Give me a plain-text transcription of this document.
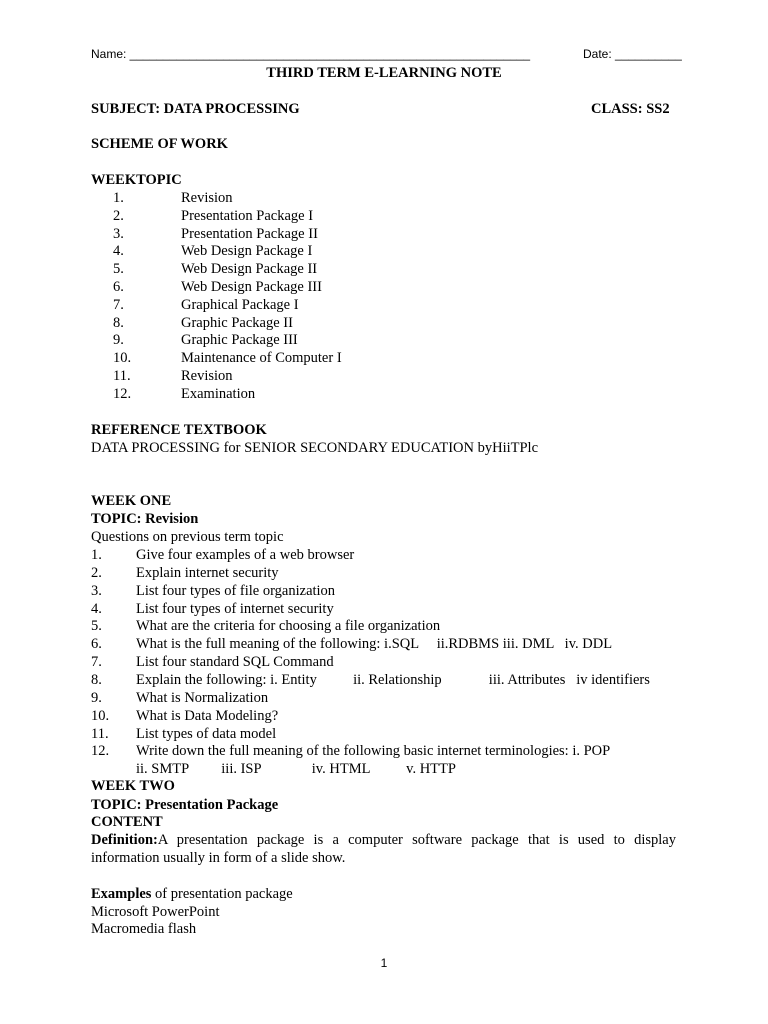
Name: ____________________________________________________________	Date: __________
THIRD TERM E-LEARNING NOTE
SUBJECT: DATA PROCESSING	CLASS: SS2
SCHEME OF WORK
WEEKTOPIC
1.	Revision
2.	Presentation Package I
3.	Presentation Package II
4.	Web Design Package I
5.	Web Design Package II
6.	Web Design Package III
7.	Graphical Package I
8.	Graphic Package II
9.	Graphic Package III
10.	Maintenance of Computer I
11.	Revision
12.	Examination
REFERENCE TEXTBOOK
DATA PROCESSING for SENIOR SECONDARY EDUCATION byHiiTPlc
WEEK ONE
TOPIC: Revision
Questions on previous term topic
1. Give four examples of a web browser
2. Explain internet security
3. List four types of file organization
4. List four types of internet security
5. What are the criteria for choosing a file organization
6. What is the full meaning of the following: i.SQL     ii.RDBMS iii. DML   iv. DDL
7. List four standard SQL Command
8. Explain the following: i. Entity          ii. Relationship             iii. Attributes   iv identifiers
9. What is Normalization
10. What is Data Modeling?
11. List types of data model
12. Write down the full meaning of the following basic internet terminologies: i. POP
ii. SMTP         iii. ISP              iv. HTML          v. HTTP
WEEK TWO
TOPIC: Presentation Package
CONTENT
Definition:A presentation package is a computer software package that is used to display information usually in form of a slide show.
Examples of presentation package
Microsoft PowerPoint
Macromedia flash
1
